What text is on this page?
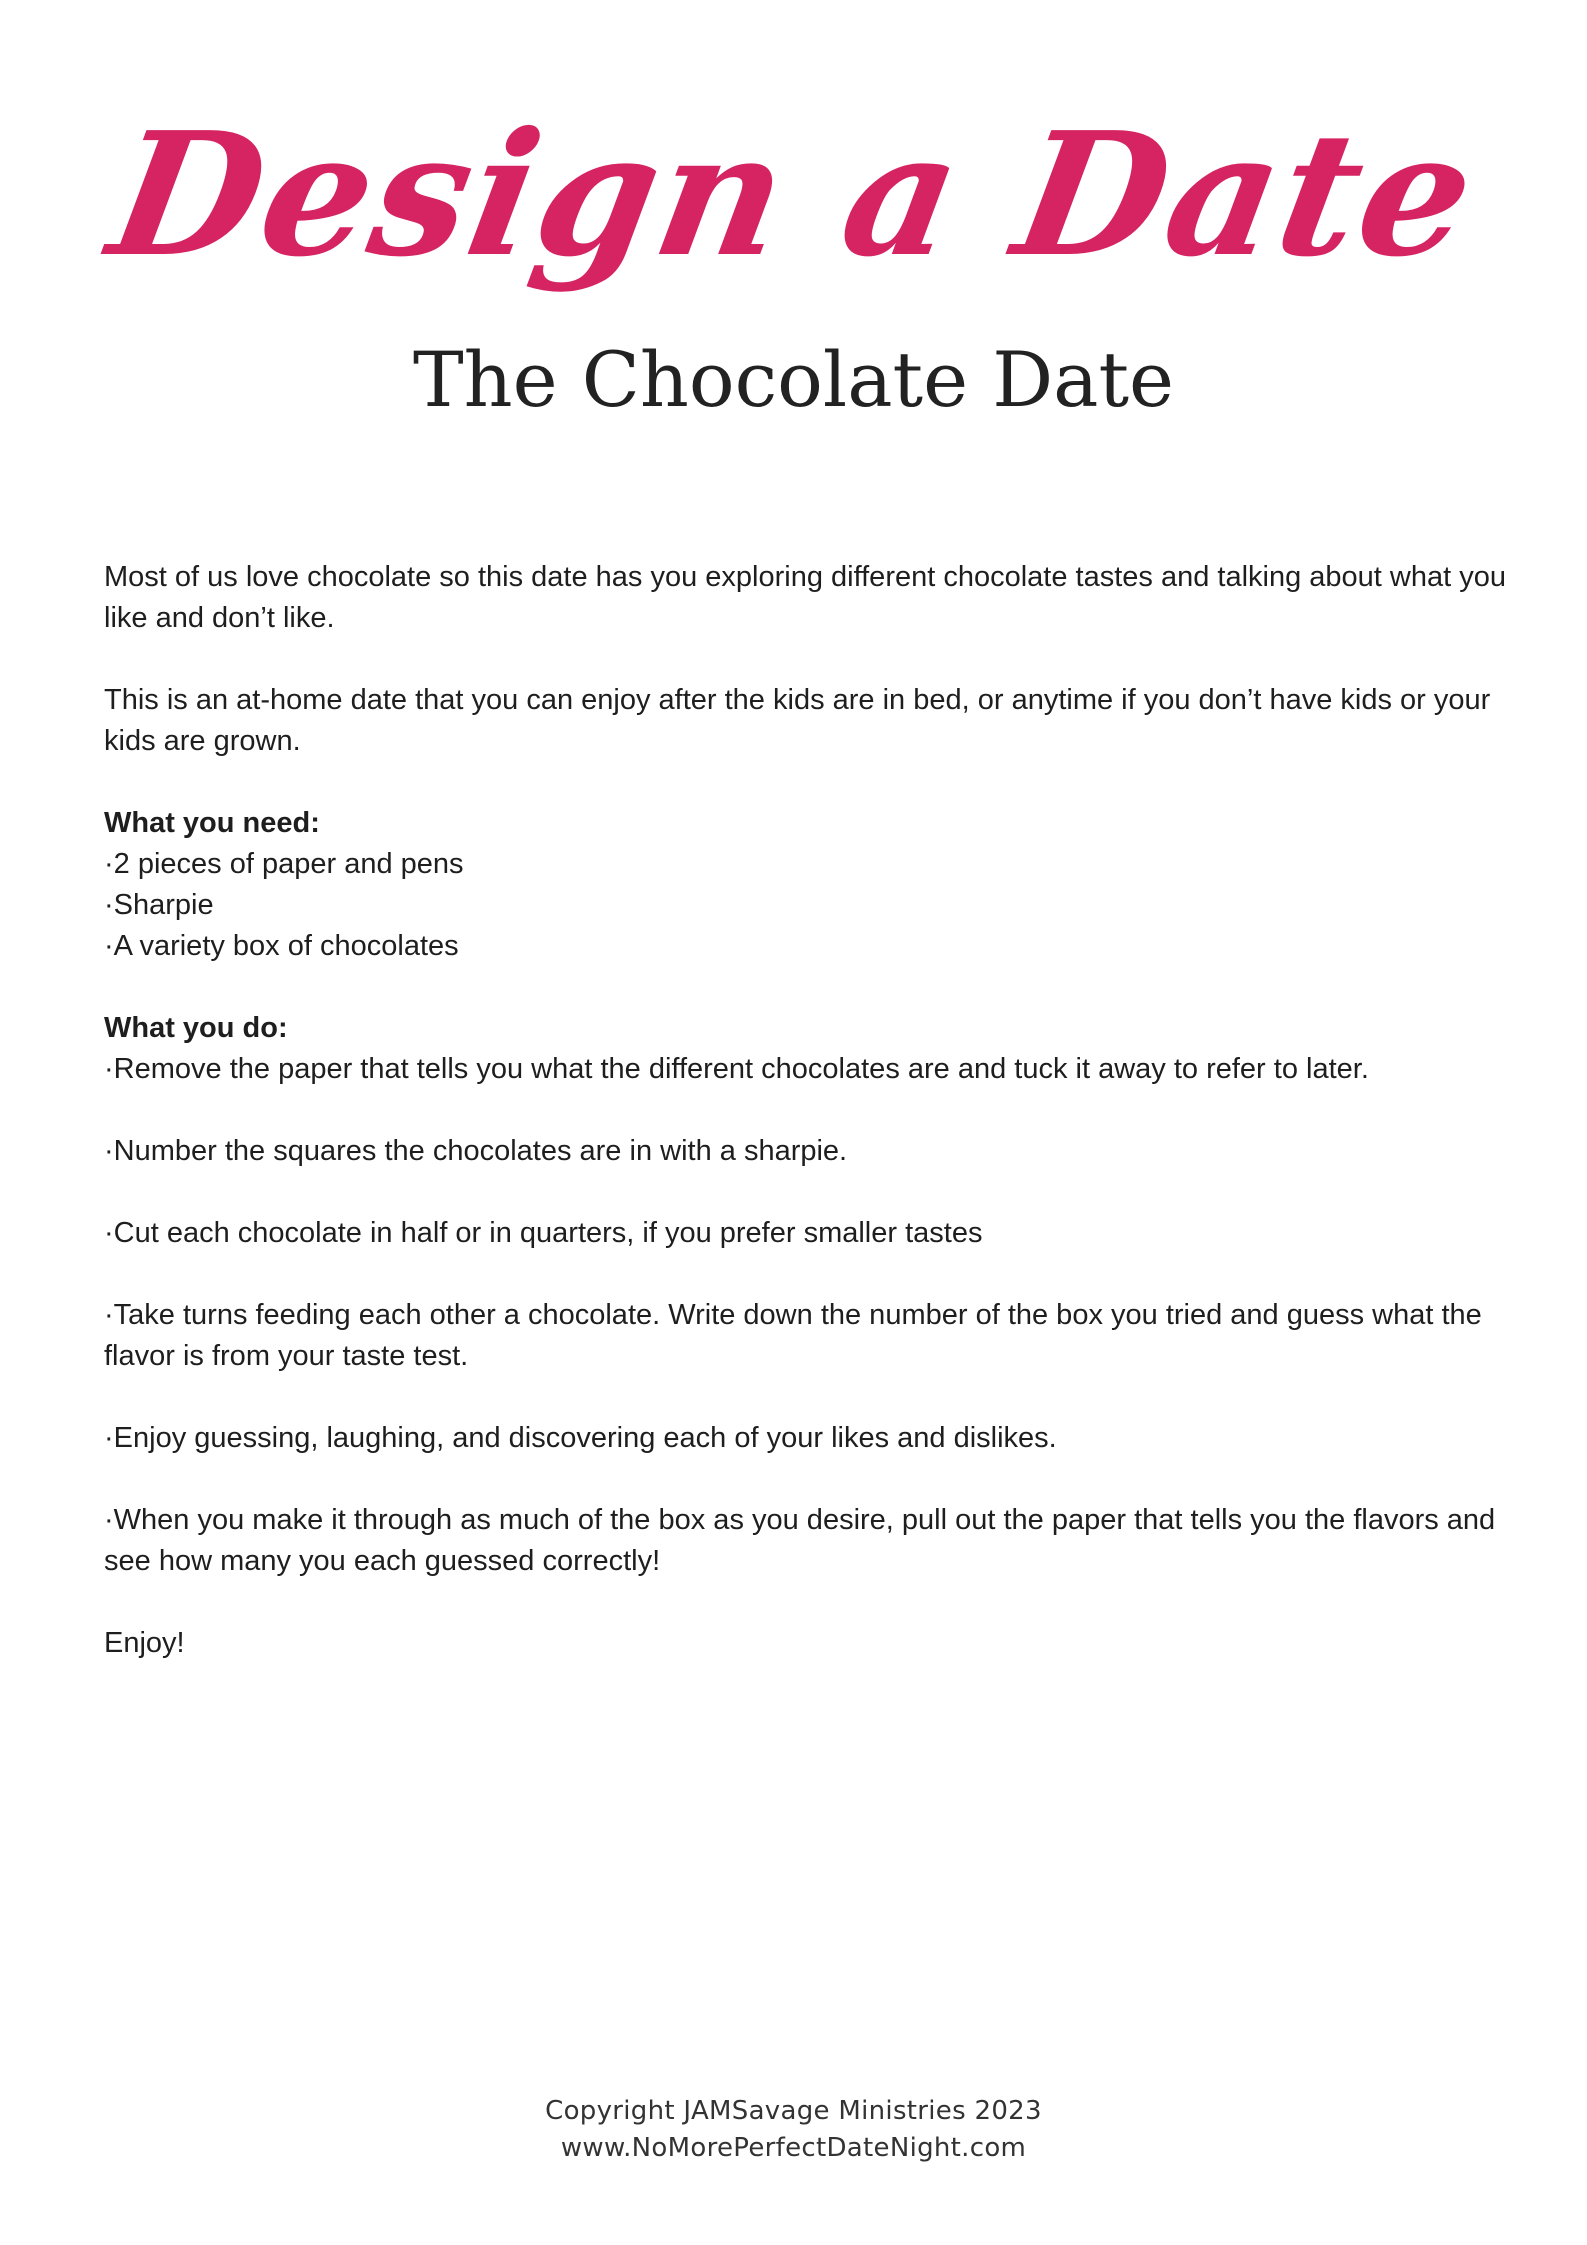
Design a Date
The Chocolate Date

Most of us love chocolate so this date has you exploring different chocolate tastes and talking about what you like and don’t like.

This is an at-home date that you can enjoy after the kids are in bed, or anytime if you don’t have kids or your kids are grown.

What you need:
·2 pieces of paper and pens
·Sharpie
·A variety box of chocolates
What you do:

·Remove the paper that tells you what the different chocolates are and tuck it away to refer to later.

·Number the squares the chocolates are in with a sharpie.

·Cut each chocolate in half or in quarters, if you prefer smaller tastes

·Take turns feeding each other a chocolate. Write down the number of the box you tried and guess what the flavor is from your taste test.

·Enjoy guessing, laughing, and discovering each of your likes and dislikes.

·When you make it through as much of the box as you desire, pull out the paper that tells you the flavors and see how many you each guessed correctly!

Enjoy!

Copyright JAMSavage Ministries 2023
www.NoMorePerfectDateNight.com
